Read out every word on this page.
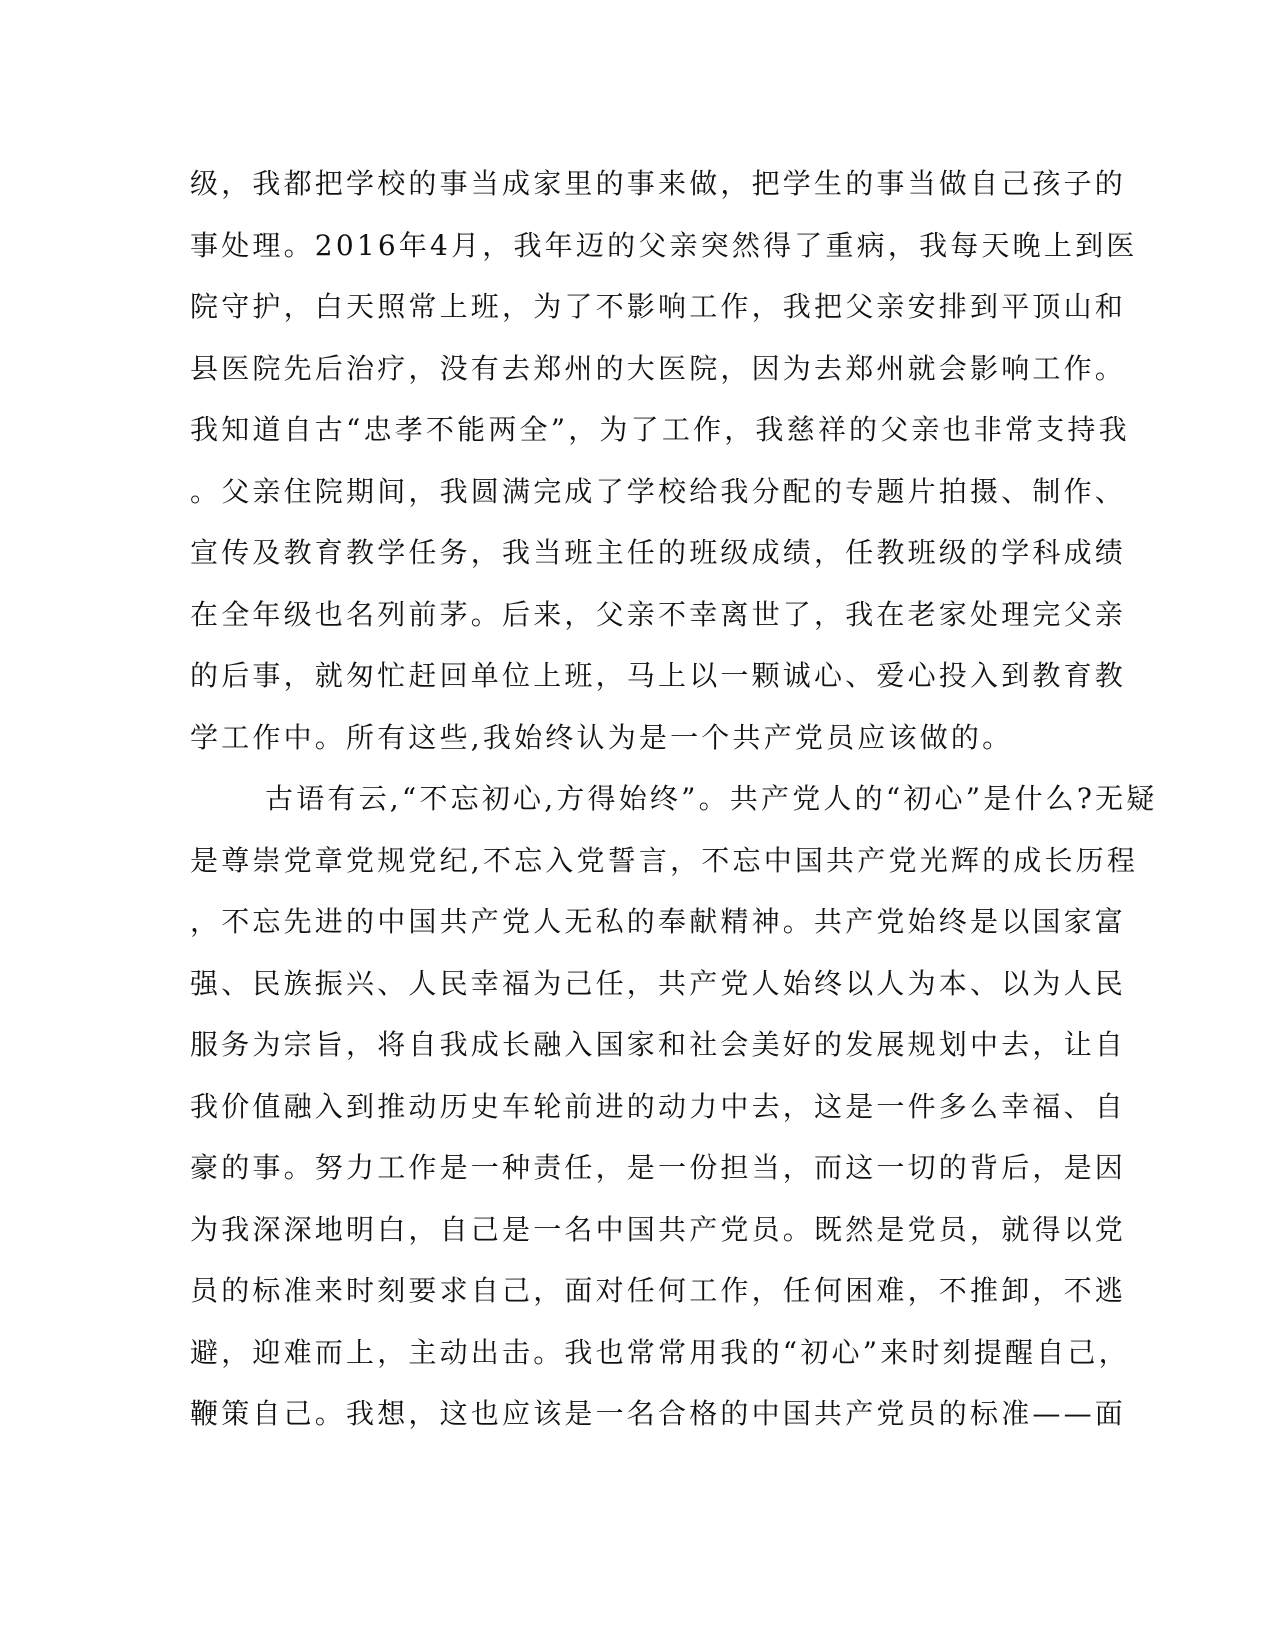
级，我都把学校的事当成家里的事来做，把学生的事当做自己孩子的
事处理。2016年4月，我年迈的父亲突然得了重病，我每天晚上到医
院守护，白天照常上班，为了不影响工作，我把父亲安排到平顶山和
县医院先后治疗，没有去郑州的大医院，因为去郑州就会影响工作。
我知道自古“忠孝不能两全”，为了工作，我慈祥的父亲也非常支持我
。父亲住院期间，我圆满完成了学校给我分配的专题片拍摄、制作、
宣传及教育教学任务，我当班主任的班级成绩，任教班级的学科成绩
在全年级也名列前茅。后来，父亲不幸离世了，我在老家处理完父亲
的后事，就匆忙赶回单位上班，马上以一颗诚心、爱心投入到教育教
学工作中。所有这些,我始终认为是一个共产党员应该做的。
古语有云,“不忘初心,方得始终”。共产党人的“初心”是什么?无疑
是尊崇党章党规党纪,不忘入党誓言，不忘中国共产党光辉的成长历程
，不忘先进的中国共产党人无私的奉献精神。共产党始终是以国家富
强、民族振兴、人民幸福为己任，共产党人始终以人为本、以为人民
服务为宗旨，将自我成长融入国家和社会美好的发展规划中去，让自
我价值融入到推动历史车轮前进的动力中去，这是一件多么幸福、自
豪的事。努力工作是一种责任，是一份担当，而这一切的背后，是因
为我深深地明白，自己是一名中国共产党员。既然是党员，就得以党
员的标准来时刻要求自己，面对任何工作，任何困难，不推卸，不逃
避，迎难而上，主动出击。我也常常用我的“初心”来时刻提醒自己，
鞭策自己。我想，这也应该是一名合格的中国共产党员的标准——面
